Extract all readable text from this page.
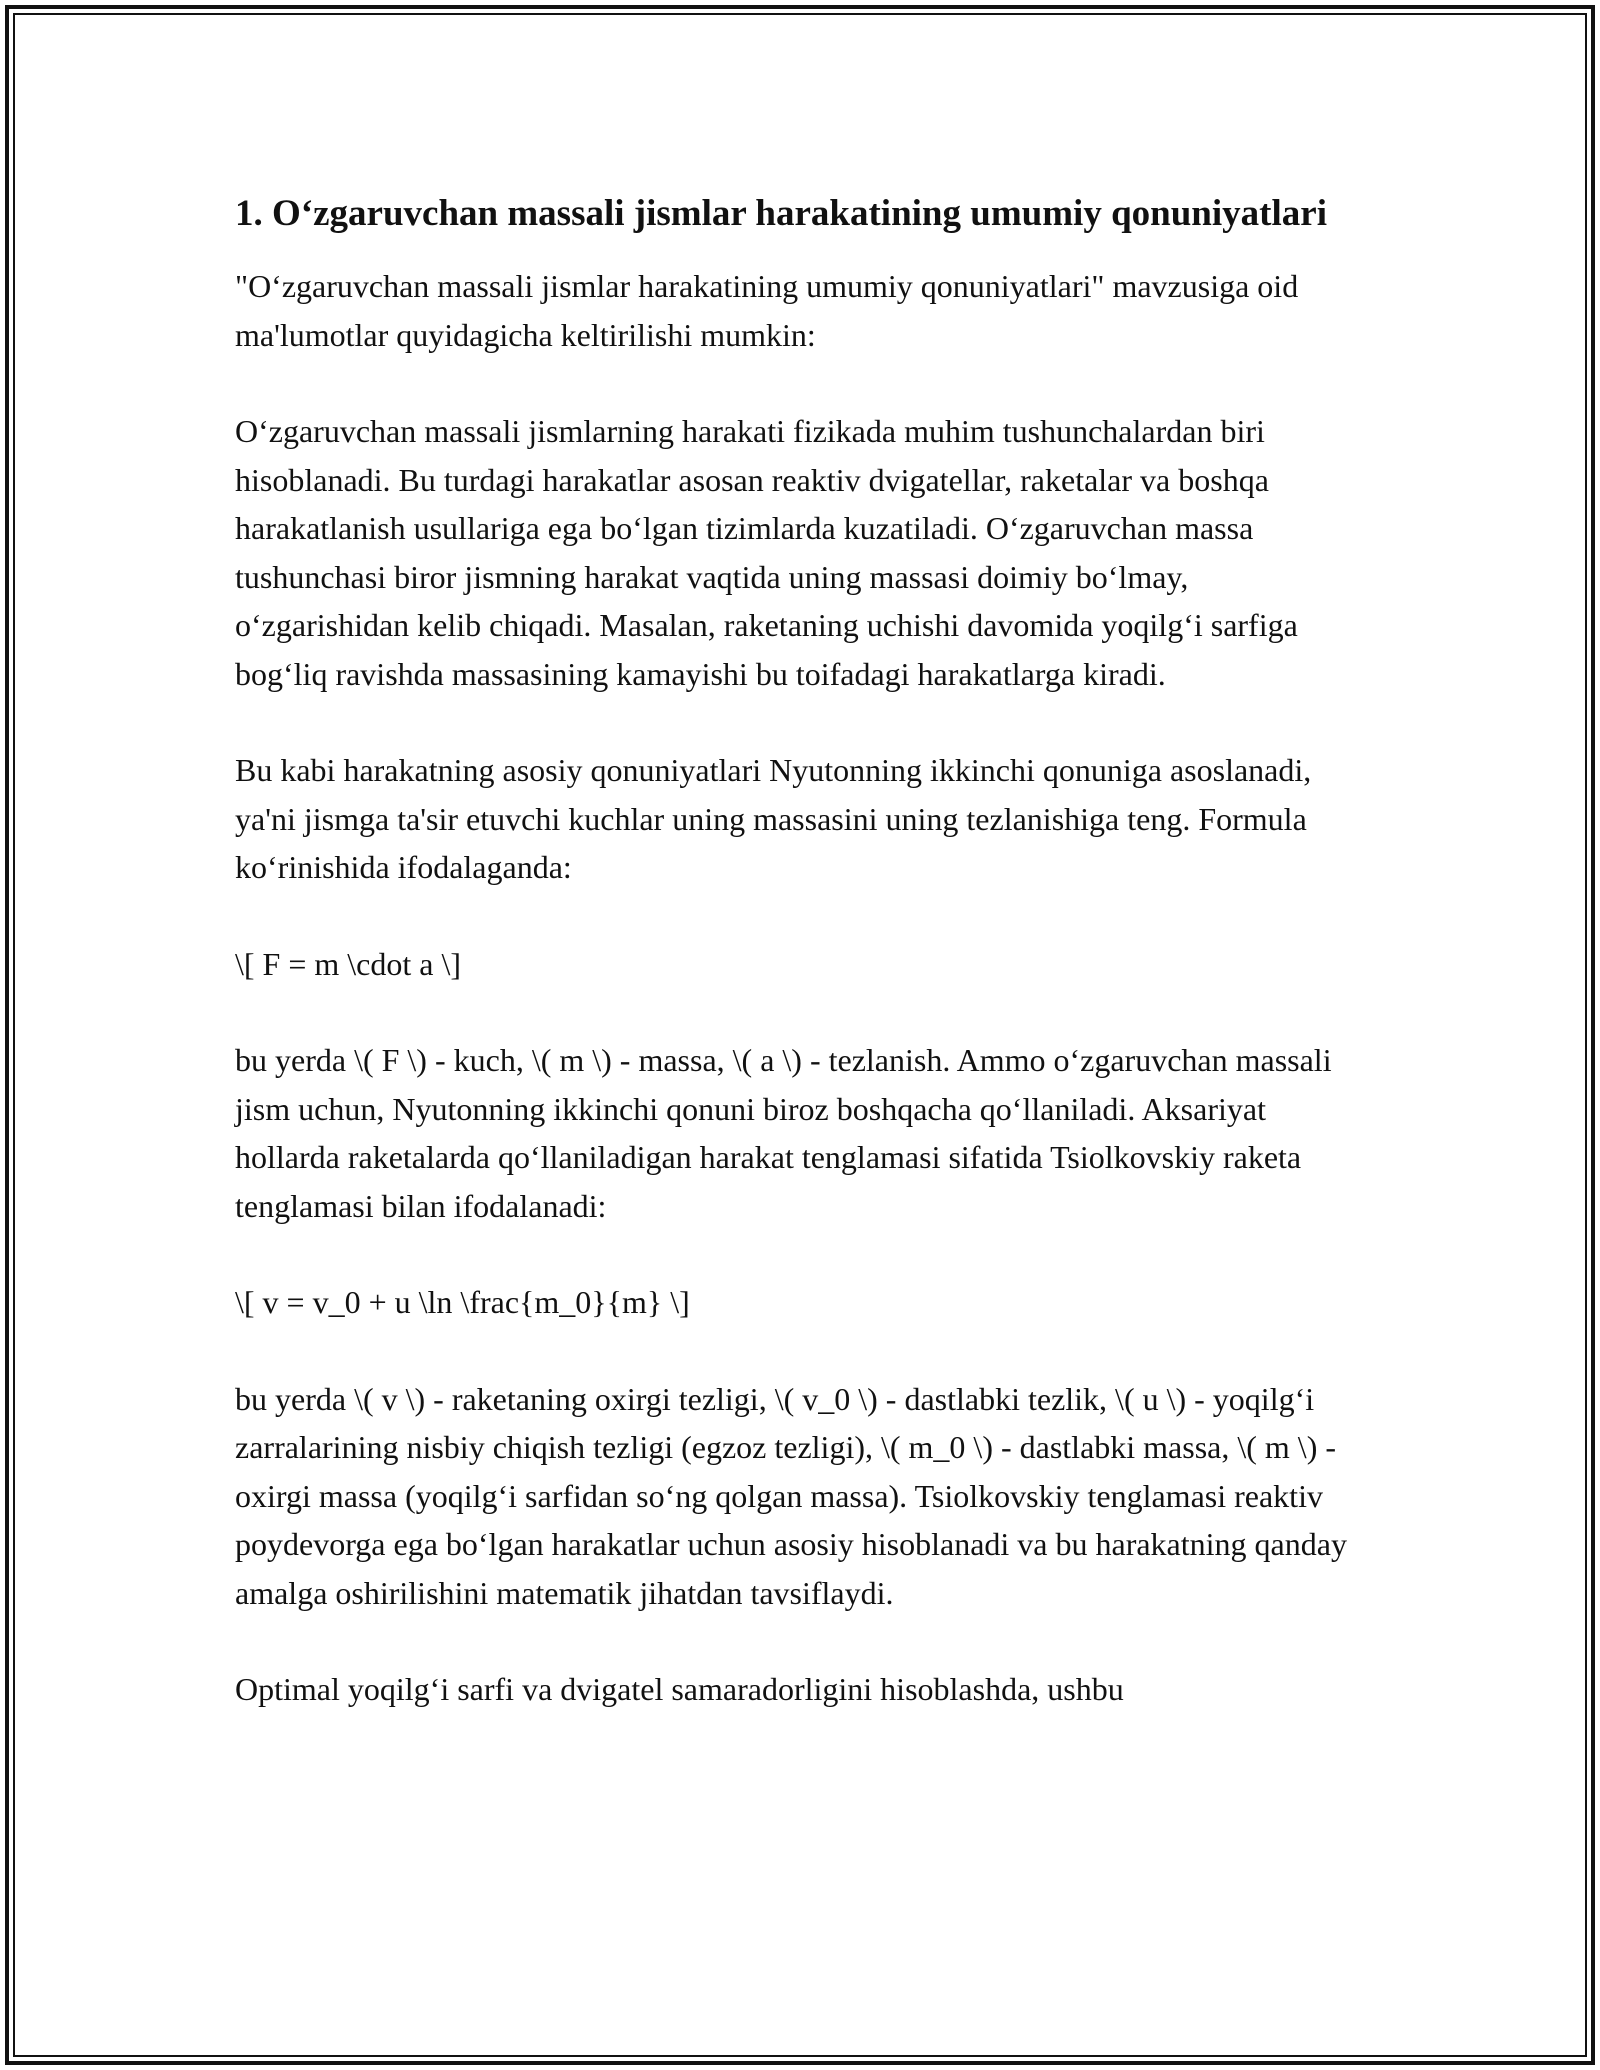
1. O‘zgaruvchan massali jismlar harakatining umumiy qonuniyatlari

"O‘zgaruvchan massali jismlar harakatining umumiy qonuniyatlari" mavzusiga oid ma'lumotlar quyidagicha keltirilishi mumkin:

O‘zgaruvchan massali jismlarning harakati fizikada muhim tushunchalardan biri hisoblanadi. Bu turdagi harakatlar asosan reaktiv dvigatellar, raketalar va boshqa harakatlanish usullariga ega bo‘lgan tizimlarda kuzatiladi. O‘zgaruvchan massa tushunchasi biror jismning harakat vaqtida uning massasi doimiy bo‘lmay, o‘zgarishidan kelib chiqadi. Masalan, raketaning uchishi davomida yoqilg‘i sarfiga bog‘liq ravishda massasining kamayishi bu toifadagi harakatlarga kiradi.

Bu kabi harakatning asosiy qonuniyatlari Nyutonning ikkinchi qonuniga asoslanadi, ya'ni jismga ta'sir etuvchi kuchlar uning massasini uning tezlanishiga teng. Formula ko‘rinishida ifodalaganda:

\[ F = m \cdot a \]

bu yerda \( F \) - kuch, \( m \) - massa, \( a \) - tezlanish. Ammo o‘zgaruvchan massali jism uchun, Nyutonning ikkinchi qonuni biroz boshqacha qo‘llaniladi. Aksariyat hollarda raketalarda qo‘llaniladigan harakat tenglamasi sifatida Tsiolkovskiy raketa tenglamasi bilan ifodalanadi:

\[ v = v_0 + u \ln \frac{m_0}{m} \]

bu yerda \( v \) - raketaning oxirgi tezligi, \( v_0 \) - dastlabki tezlik, \( u \) - yoqilg‘i zarralarining nisbiy chiqish tezligi (egzoz tezligi), \( m_0 \) - dastlabki massa, \( m \) - oxirgi massa (yoqilg‘i sarfidan so‘ng qolgan massa). Tsiolkovskiy tenglamasi reaktiv poydevorga ega bo‘lgan harakatlar uchun asosiy hisoblanadi va bu harakatning qanday amalga oshirilishini matematik jihatdan tavsiflaydi.

Optimal yoqilg‘i sarfi va dvigatel samaradorligini hisoblashda, ushbu
